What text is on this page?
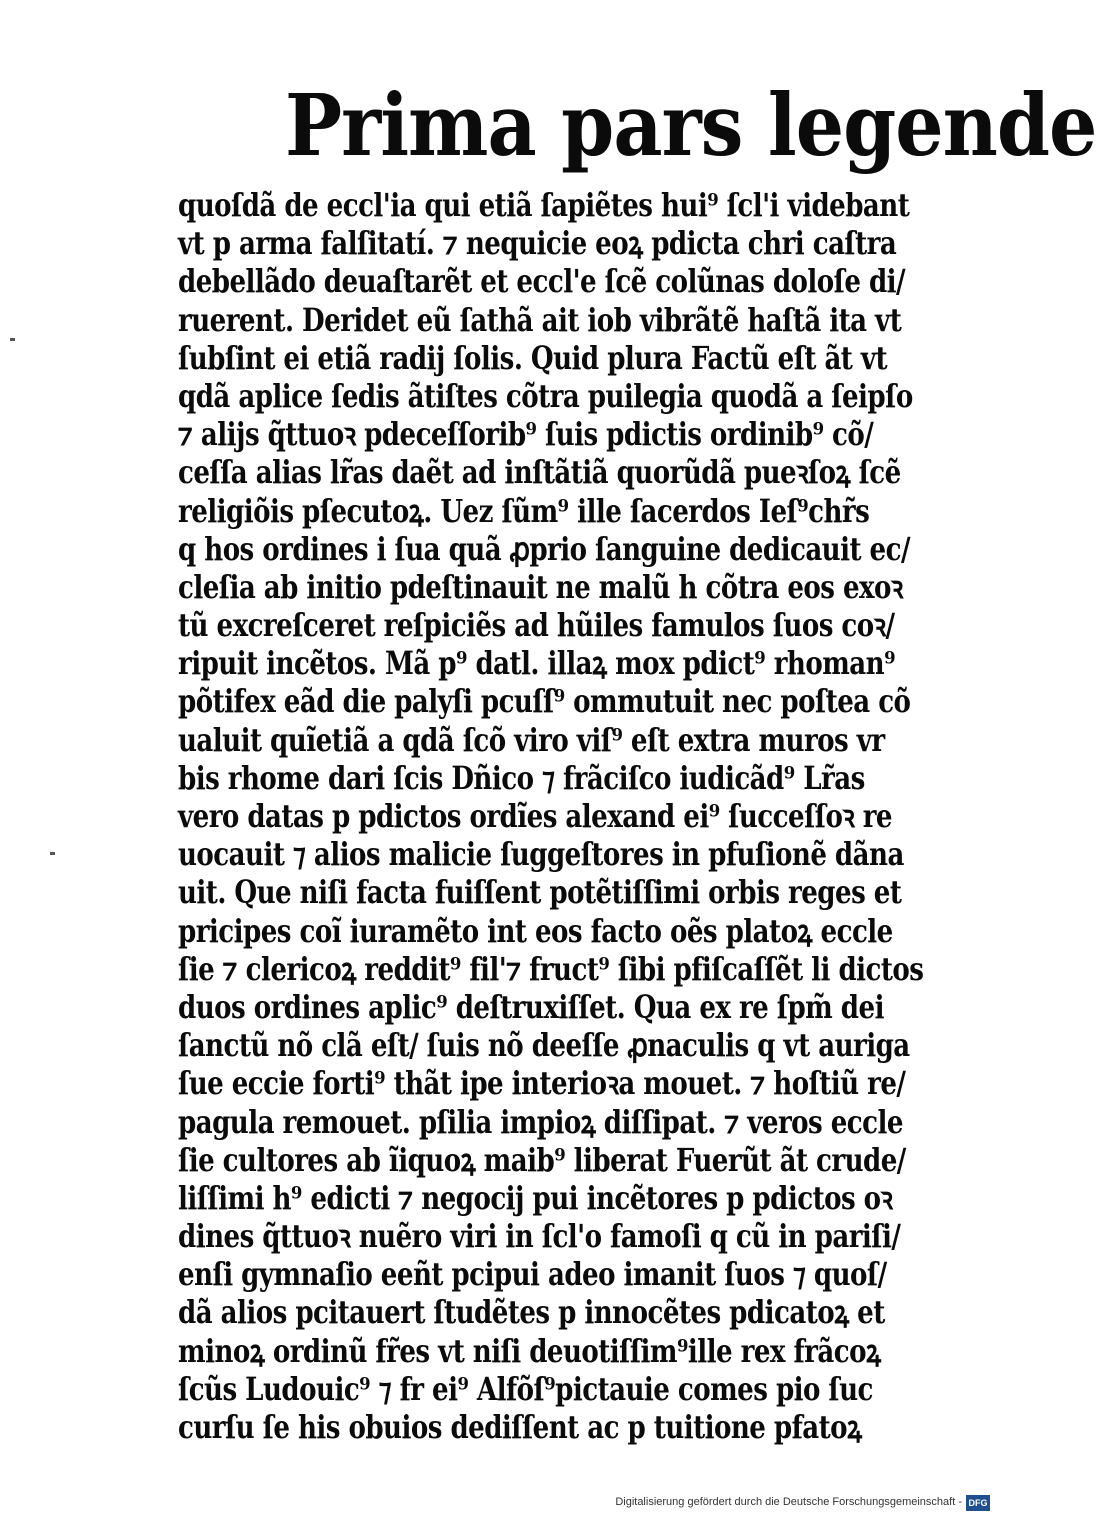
Prima pars legende
quoſdã de eccl'ia qui etiã ſapiẽtes hui⁹ ſcl'i videbant
vt p arma falſitatí. ⁊ nequicie eoꝝ pdicta chri caſtra
debellãdo deuaſtarẽt et eccl'e ſcẽ colũnas doloſe di/
ruerent. Deridet eũ ſathã ait iob vibrãtẽ haſtã ita vt
ſubſint ei etiã radij ſolis. Quid plura Factũ eſt ãt vt
qdã aplice ſedis ãtiſtes cõtra puilegia quodã a ſeipſo
⁊ alijs q̃ttuoꝛ pdeceſſorib⁹ ſuis pdictis ordinib⁹ cõ/
ceſſa alias lr̃as daẽt ad inſtãtiã quorũdã pueꝛſoꝝ ſcẽ
religiõis pſecutoꝝ. Uez ſũm⁹ ille ſacerdos Ieſ⁹chr̃s
q hos ordines i ſua quã ꝓprio ſanguine dedicauit ec/
cleſia ab initio pdeſtinauit ne malũ h cõtra eos exoꝛ
tũ excreſceret reſpiciẽs ad hũiles famulos ſuos coꝛ/
ripuit incẽtos. Mã p⁹ datl. illaꝝ mox pdict⁹ rhoman⁹
põtifex eãd die palyſi pcuſſ⁹ ommutuit nec poſtea cõ
ualuit quĩetiã a qdã ſcõ viro viſ⁹ eſt extra muros vr
bis rhome dari ſcis Dñico ⁊ frãciſco iudicãd⁹ Lr̃as
vero datas p pdictos ordĩes alexand ei⁹ ſucceſſoꝛ re
uocauit ⁊ alios malicie ſuggeſtores in pfuſionẽ dãna
uit. Que niſi facta fuiſſent potẽtiſſimi orbis reges et
pricipes coĩ iuramẽto int eos facto oẽs platoꝝ eccle
ſie ⁊ clericoꝝ reddit⁹ fil'⁊ fruct⁹ ſibi pfiſcaſſẽt li dictos
duos ordines aplic⁹ deſtruxiſſet. Qua ex re ſpm̃ dei
ſanctũ nõ clã eſt/ ſuis nõ deeſſe ꝓnaculis q vt auriga
ſue eccie forti⁹ thãt ipe interioꝛa mouet. ⁊ hoſtiũ re/
pagula remouet. pſilia impioꝝ diſſipat. ⁊ veros eccle
ſie cultores ab ĩiquoꝝ maib⁹ liberat Fuerũt ãt crude/
liſſimi h⁹ edicti ⁊ negocij pui incẽtores p pdictos oꝛ
dines q̃ttuoꝛ nuẽro viri in ſcl'o famoſi q cũ in pariſi/
enſi gymnaſio eeñt pcipui adeo imanit ſuos ⁊ quoſ/
dã alios pcitauert ſtudẽtes p innocẽtes pdicatoꝝ et
minoꝝ ordinũ fr̃es vt niſi deuotiſſim⁹ille rex frãcoꝝ
ſcũs Ludouic⁹ ⁊ fr ei⁹ Alfõſ⁹pictauie comes pio ſuc
curſu ſe his obuios dediſſent ac p tuitione pfatoꝝ
Digitalisierung gefördert durch die Deutsche Forschungsgemeinschaft - DFG
